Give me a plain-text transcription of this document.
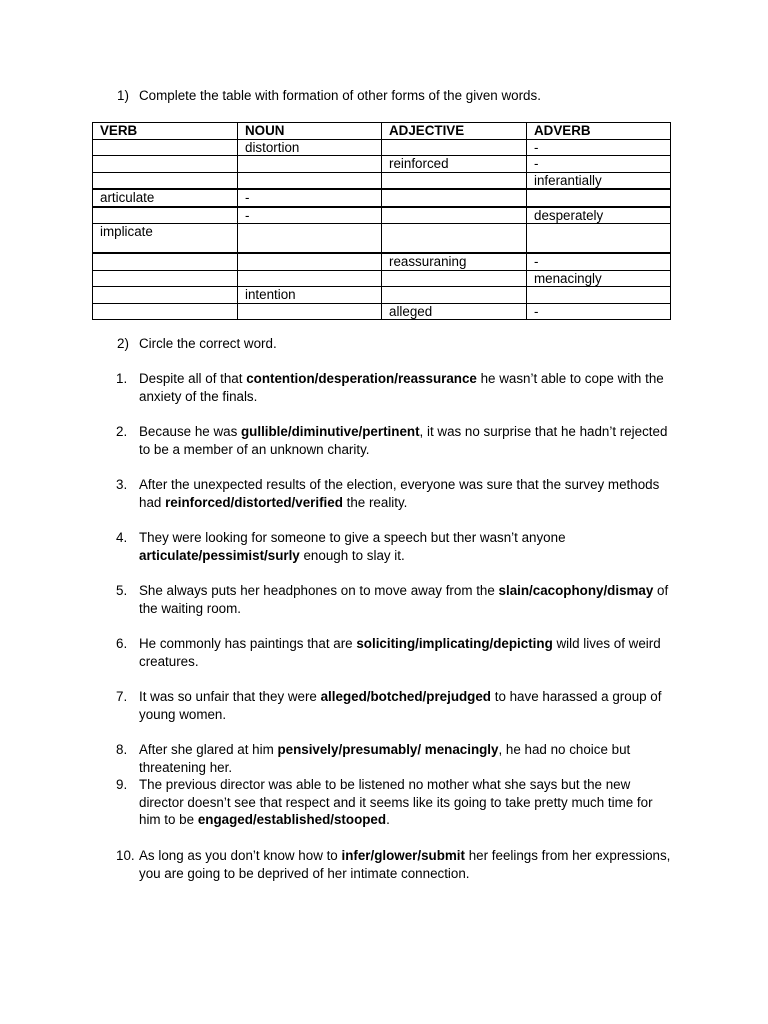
1) Complete the table with formation of other forms of the given words.
VERB	NOUN	ADJECTIVE	ADVERB
	distortion		-
		reinforced	-
			inferantially
articulate	-		
	-		desperately
implicate			
		reassuraning	-
			menacingly
	intention		
		alleged	-
2) Circle the correct word.
1. Despite all of that contention/desperation/reassurance he wasn’t able to cope with the anxiety of the finals.
2. Because he was gullible/diminutive/pertinent, it was no surprise that he hadn’t rejected to be a member of an unknown charity.
3. After the unexpected results of the election, everyone was sure that the survey methods had reinforced/distorted/verified the reality.
4. They were looking for someone to give a speech but ther wasn’t anyone articulate/pessimist/surly enough to slay it.
5. She always puts her headphones on to move away from the slain/cacophony/dismay of the waiting room.
6. He commonly has paintings that are soliciting/implicating/depicting wild lives of weird creatures.
7. It was so unfair that they were alleged/botched/prejudged to have harassed a group of young women.
8. After she glared at him pensively/presumably/ menacingly, he had no choice but threatening her.
9. The previous director was able to be listened no mother what she says but the new director doesn’t see that respect and it seems like its going to take pretty much time for him to be engaged/established/stooped.
10. As long as you don’t know how to infer/glower/submit her feelings from her expressions, you are going to be deprived of her intimate connection.
